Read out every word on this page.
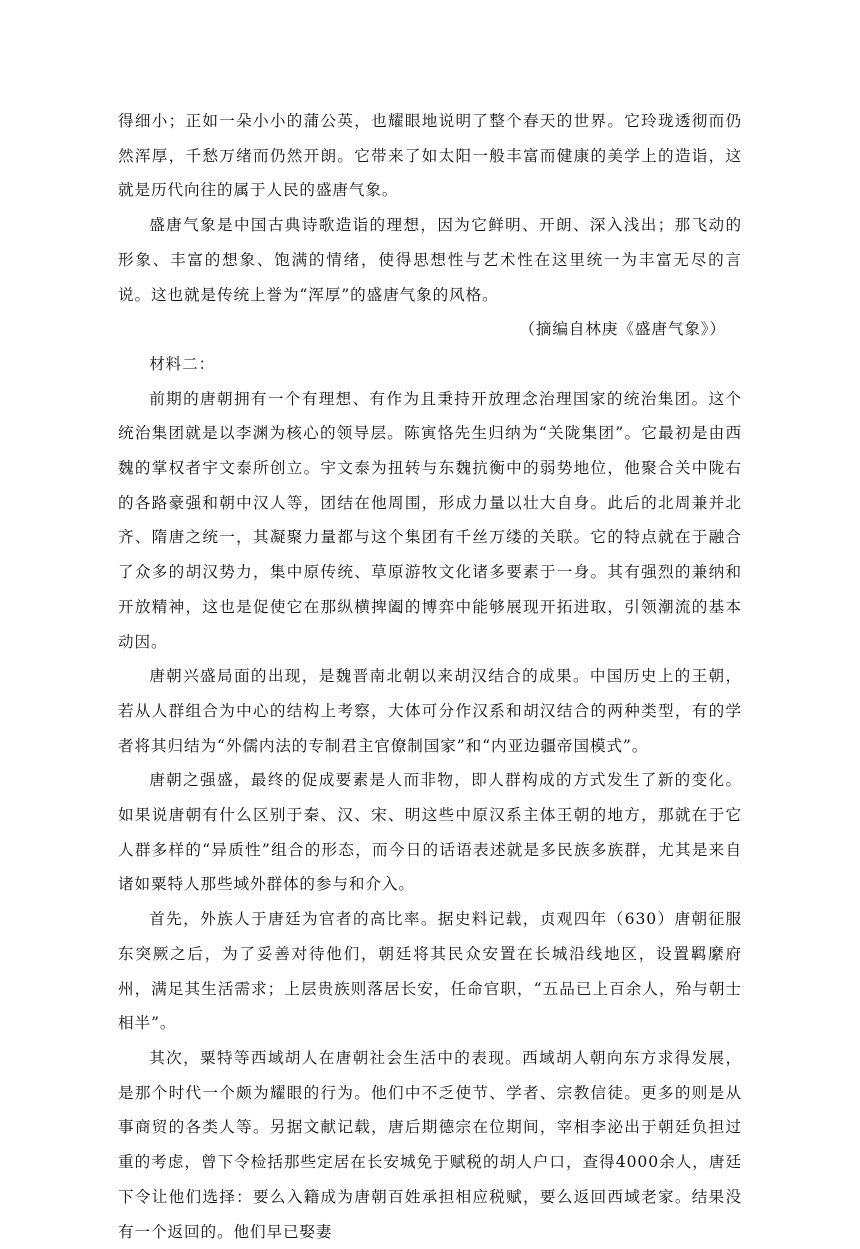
得细小；正如一朵小小的蒲公英，也耀眼地说明了整个春天的世界。它玲珑透彻而仍然浑厚，千愁万绪而仍然开朗。它带来了如太阳一般丰富而健康的美学上的造诣，这就是历代向往的属于人民的盛唐气象。

盛唐气象是中国古典诗歌造诣的理想，因为它鲜明、开朗、深入浅出；那飞动的形象、丰富的想象、饱满的情绪，使得思想性与艺术性在这里统一为丰富无尽的言说。这也就是传统上誉为“浑厚”的盛唐气象的风格。

（摘编自林庚《盛唐气象》）

材料二：

前期的唐朝拥有一个有理想、有作为且秉持开放理念治理国家的统治集团。这个统治集团就是以李渊为核心的领导层。陈寅恪先生归纳为“关陇集团”。它最初是由西魏的掌权者宇文泰所创立。宇文泰为扭转与东魏抗衡中的弱势地位，他聚合关中陇右的各路豪强和朝中汉人等，团结在他周围，形成力量以壮大自身。此后的北周兼并北齐、隋唐之统一，其凝聚力量都与这个集团有千丝万缕的关联。它的特点就在于融合了众多的胡汉势力，集中原传统、草原游牧文化诸多要素于一身。其有强烈的兼纳和开放精神，这也是促使它在那纵横捭阖的博弈中能够展现开拓进取，引领潮流的基本动因。

唐朝兴盛局面的出现，是魏晋南北朝以来胡汉结合的成果。中国历史上的王朝，若从人群组合为中心的结构上考察，大体可分作汉系和胡汉结合的两种类型，有的学者将其归结为“外儒内法的专制君主官僚制国家”和“内亚边疆帝国模式”。

唐朝之强盛，最终的促成要素是人而非物，即人群构成的方式发生了新的变化。如果说唐朝有什么区别于秦、汉、宋、明这些中原汉系主体王朝的地方，那就在于它人群多样的“异质性”组合的形态，而今日的话语表述就是多民族多族群，尤其是来自诸如粟特人那些域外群体的参与和介入。

首先，外族人于唐廷为官者的高比率。据史料记载，贞观四年（630）唐朝征服东突厥之后，为了妥善对待他们，朝廷将其民众安置在长城沿线地区，设置羁縻府州，满足其生活需求；上层贵族则落居长安，任命官职，“五品已上百余人，殆与朝士相半”。

其次，粟特等西域胡人在唐朝社会生活中的表现。西域胡人朝向东方求得发展，是那个时代一个颇为耀眼的行为。他们中不乏使节、学者、宗教信徒。更多的则是从事商贸的各类人等。另据文献记载，唐后期德宗在位期间，宰相李泌出于朝廷负担过重的考虑，曾下令检括那些定居在长安城免于赋税的胡人户口，查得4000余人，唐廷下令让他们选择：要么入籍成为唐朝百姓承担相应税赋，要么返回西域老家。结果没有一个返回的。他们早已娶妻
